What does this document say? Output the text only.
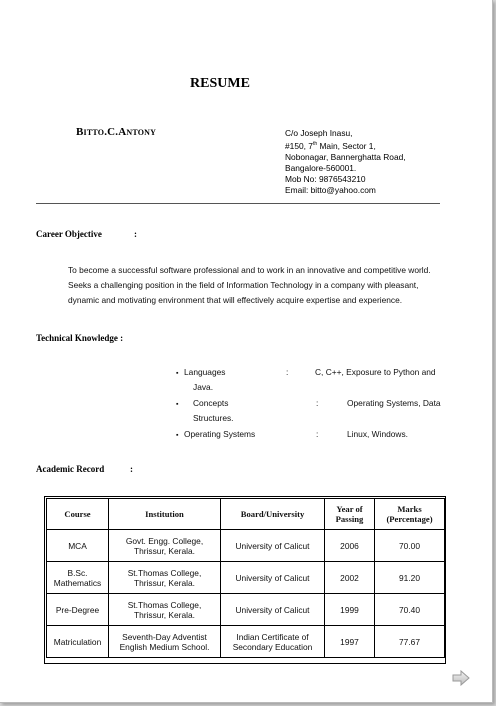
RESUME
Bitto.C.Antony	C/o Joseph Inasu,
#150, 7th Main, Sector 1,
Nobonagar, Bannerghatta Road,
Bangalore-560001.
Mob No: 9876543210
Email: bitto@yahoo.com
Career Objective	:
To become a successful software professional and to work in an innovative and competitive world.
Seeks a challenging position in the field of Information Technology in a company with pleasant,
dynamic and motivating environment that will effectively acquire expertise and experience.
Technical Knowledge :
▪ Languages
Java.
:	C, C++, Exposure to Python and
▪ Concepts
Structures.
:	Operating Systems, Data
▪ Operating Systems	:	Linux, Windows.
Academic Record	:
Course	Institution	Board/University	Year of Passing	Marks (Percentage)
MCA	Govt. Engg. College, Thrissur, Kerala.	University of Calicut	2006	70.00
B.Sc. Mathematics	St.Thomas College, Thrissur, Kerala.	University of Calicut	2002	91.20
Pre-Degree	St.Thomas College, Thrissur, Kerala.	University of Calicut	1999	70.40
Matriculation	Seventh-Day Adventist English Medium School.	Indian Certificate of Secondary Education	1997	77.67
